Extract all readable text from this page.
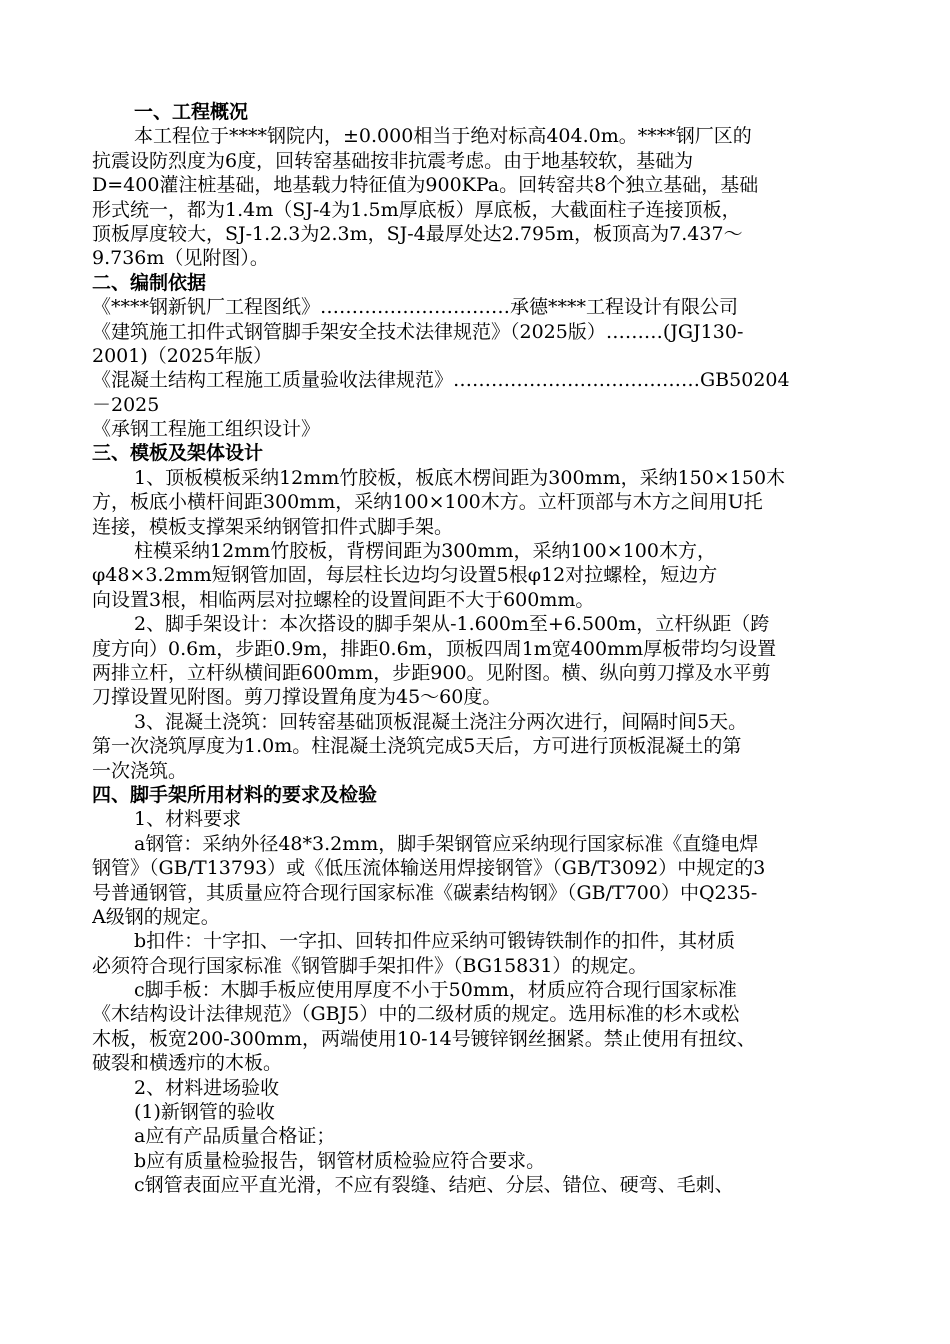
一、工程概况
本工程位于****钢院内，±0.000相当于绝对标高404.0m。****钢厂区的
抗震设防烈度为6度，回转窑基础按非抗震考虑。由于地基较软，基础为
D=400灌注桩基础，地基载力特征值为900KPa。回转窑共8个独立基础，基础
形式统一，都为1.4m（SJ-4为1.5m厚底板）厚底板，大截面柱子连接顶板，
顶板厚度较大，SJ-1.2.3为2.3m，SJ-4最厚处达2.795m，板顶高为7.437～
9.736m（见附图）。
二、编制依据
《****钢新钒厂工程图纸》…………………………承德****工程设计有限公司
《建筑施工扣件式钢管脚手架安全技术法律规范》（2025版）………(JGJ130-
2001)（2025年版）
《混凝土结构工程施工质量验收法律规范》…………………………………GB50204
－2025
《承钢工程施工组织设计》
三、模板及架体设计
1、顶板模板采纳12mm竹胶板，板底木楞间距为300mm，采纳150×150木
方，板底小横杆间距300mm，采纳100×100木方。立杆顶部与木方之间用U托
连接，模板支撑架采纳钢管扣件式脚手架。
柱模采纳12mm竹胶板，背楞间距为300mm，采纳100×100木方，
φ48×3.2mm短钢管加固，每层柱长边均匀设置5根φ12对拉螺栓，短边方
向设置3根，相临两层对拉螺栓的设置间距不大于600mm。
2、脚手架设计：本次搭设的脚手架从-1.600m至+6.500m，立杆纵距（跨
度方向）0.6m，步距0.9m，排距0.6m，顶板四周1m宽400mm厚板带均匀设置
两排立杆，立杆纵横间距600mm，步距900。见附图。横、纵向剪刀撑及水平剪
刀撑设置见附图。剪刀撑设置角度为45～60度。
3、混凝土浇筑：回转窑基础顶板混凝土浇注分两次进行，间隔时间5天。
第一次浇筑厚度为1.0m。柱混凝土浇筑完成5天后，方可进行顶板混凝土的第
一次浇筑。
四、脚手架所用材料的要求及检验
1、材料要求
a钢管：采纳外径48*3.2mm，脚手架钢管应采纳现行国家标准《直缝电焊
钢管》（GB/T13793）或《低压流体输送用焊接钢管》（GB/T3092）中规定的3
号普通钢管，其质量应符合现行国家标准《碳素结构钢》（GB/T700）中Q235-
A级钢的规定。
b扣件：十字扣、一字扣、回转扣件应采纳可锻铸铁制作的扣件，其材质
必须符合现行国家标准《钢管脚手架扣件》（BG15831）的规定。
c脚手板：木脚手板应使用厚度不小于50mm，材质应符合现行国家标准
《木结构设计法律规范》（GBJ5）中的二级材质的规定。选用标准的杉木或松
木板，板宽200-300mm，两端使用10-14号镀锌钢丝捆紧。禁止使用有扭纹、
破裂和横透疖的木板。
2、材料进场验收
(1)新钢管的验收
a应有产品质量合格证；
b应有质量检验报告，钢管材质检验应符合要求。
c钢管表面应平直光滑，不应有裂缝、结疤、分层、错位、硬弯、毛刺、
